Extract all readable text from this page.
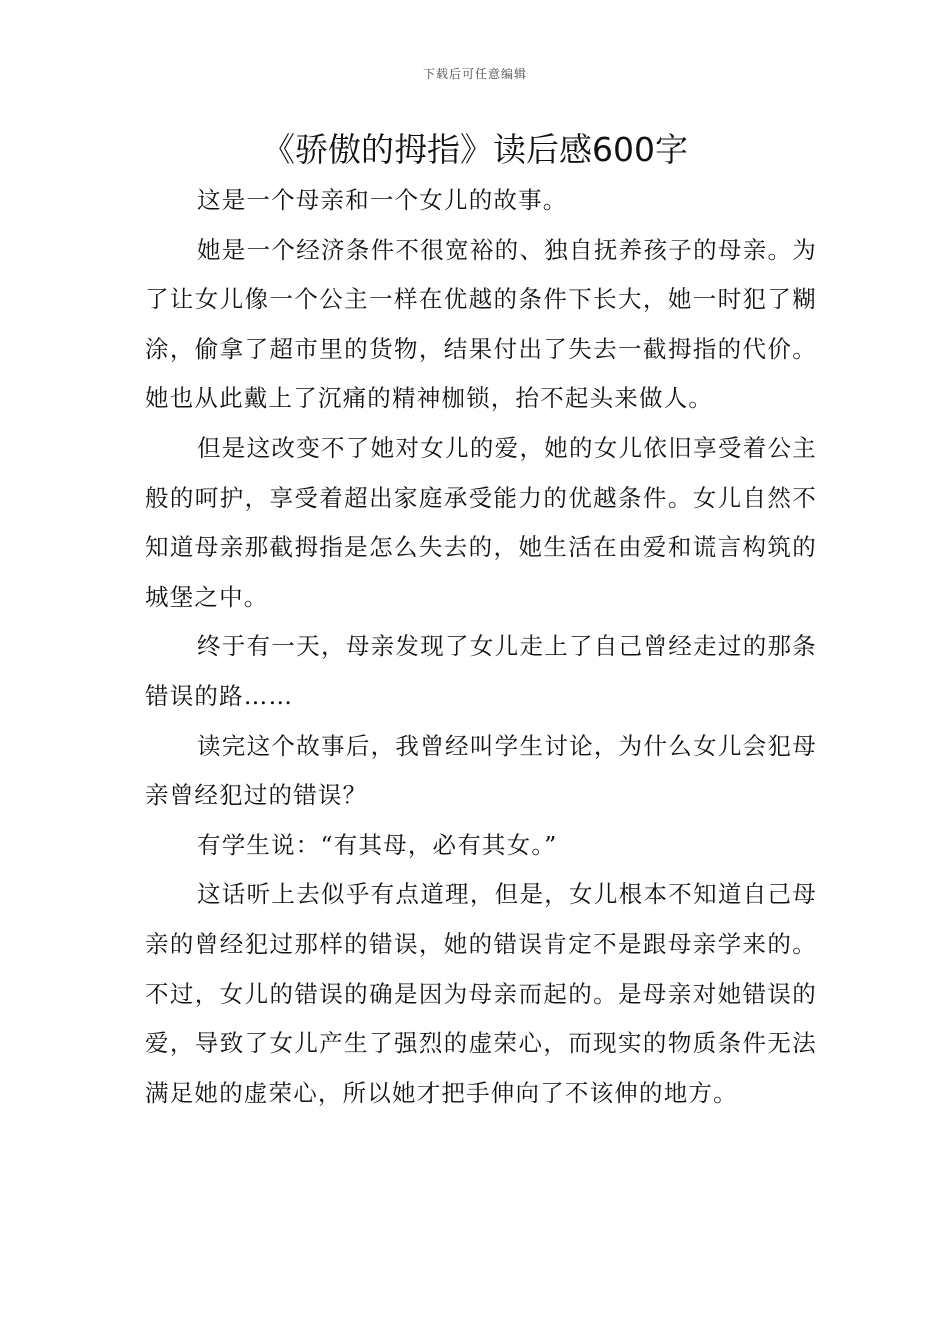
下载后可任意编辑
《骄傲的拇指》读后感600字

这是一个母亲和一个女儿的故事。

她是一个经济条件不很宽裕的、独自抚养孩子的母亲。为了让女儿像一个公主一样在优越的条件下长大，她一时犯了糊涂，偷拿了超市里的货物，结果付出了失去一截拇指的代价。她也从此戴上了沉痛的精神枷锁，抬不起头来做人。

但是这改变不了她对女儿的爱，她的女儿依旧享受着公主般的呵护，享受着超出家庭承受能力的优越条件。女儿自然不知道母亲那截拇指是怎么失去的，她生活在由爱和谎言构筑的城堡之中。

终于有一天，母亲发现了女儿走上了自己曾经走过的那条错误的路……

读完这个故事后，我曾经叫学生讨论，为什么女儿会犯母亲曾经犯过的错误？

有学生说：“有其母，必有其女。”

这话听上去似乎有点道理，但是，女儿根本不知道自己母亲的曾经犯过那样的错误，她的错误肯定不是跟母亲学来的。不过，女儿的错误的确是因为母亲而起的。是母亲对她错误的爱，导致了女儿产生了强烈的虚荣心，而现实的物质条件无法满足她的虚荣心，所以她才把手伸向了不该伸的地方。
